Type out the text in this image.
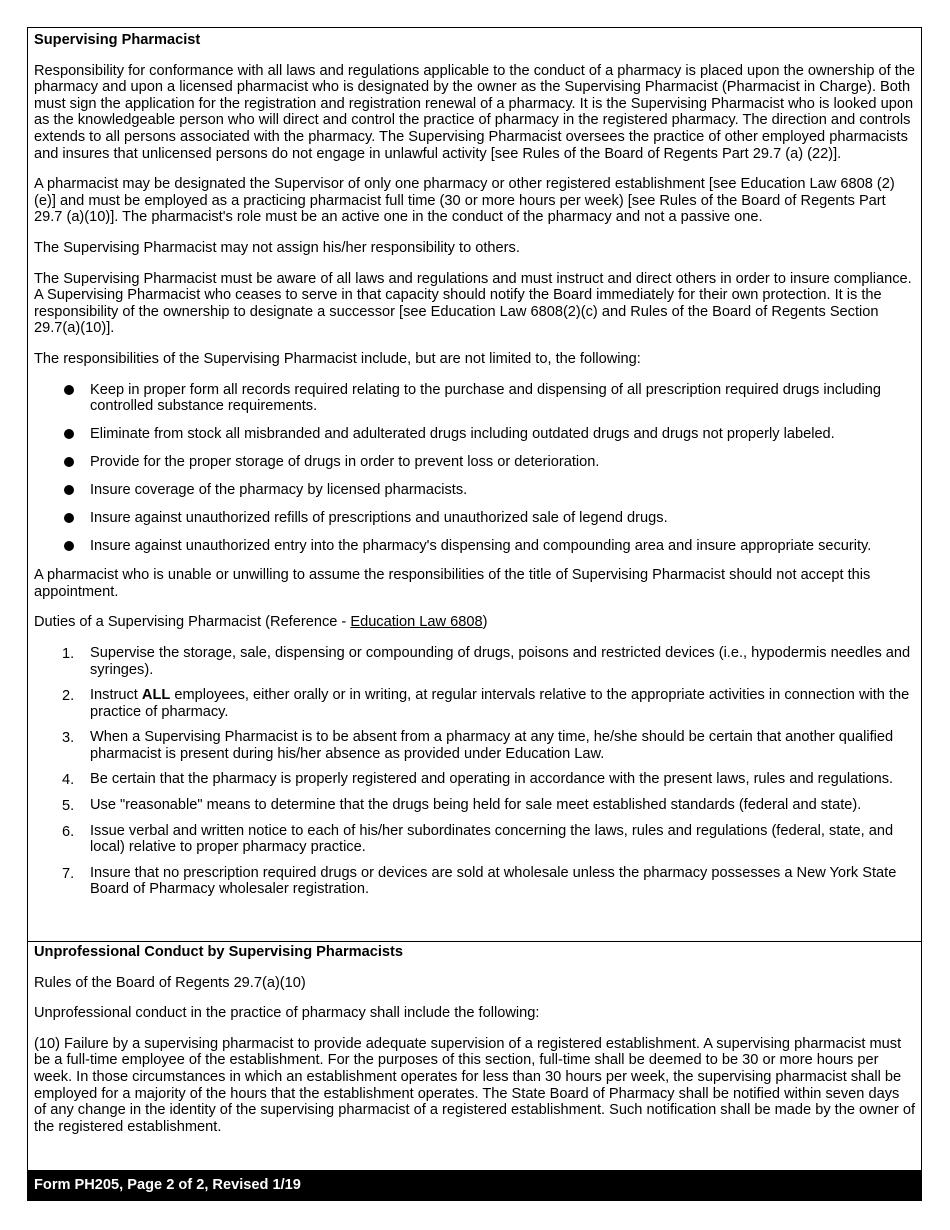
Supervising Pharmacist

Responsibility for conformance with all laws and regulations applicable to the conduct of a pharmacy is placed upon the ownership of the pharmacy and upon a licensed pharmacist who is designated by the owner as the Supervising Pharmacist (Pharmacist in Charge). Both must sign the application for the registration and registration renewal of a pharmacy. It is the Supervising Pharmacist who is looked upon as the knowledgeable person who will direct and control the practice of pharmacy in the registered pharmacy. The direction and controls extends to all persons associated with the pharmacy. The Supervising Pharmacist oversees the practice of other employed pharmacists and insures that unlicensed persons do not engage in unlawful activity [see Rules of the Board of Regents Part 29.7 (a) (22)].

A pharmacist may be designated the Supervisor of only one pharmacy or other registered establishment [see Education Law 6808 (2)(e)] and must be employed as a practicing pharmacist full time (30 or more hours per week) [see Rules of the Board of Regents Part 29.7 (a)(10)]. The pharmacist's role must be an active one in the conduct of the pharmacy and not a passive one.

The Supervising Pharmacist may not assign his/her responsibility to others.

The Supervising Pharmacist must be aware of all laws and regulations and must instruct and direct others in order to insure compliance. A Supervising Pharmacist who ceases to serve in that capacity should notify the Board immediately for their own protection. It is the responsibility of the ownership to designate a successor [see Education Law 6808(2)(c) and Rules of the Board of Regents Section 29.7(a)(10)].

The responsibilities of the Supervising Pharmacist include, but are not limited to, the following:

Keep in proper form all records required relating to the purchase and dispensing of all prescription required drugs including controlled substance requirements.
Eliminate from stock all misbranded and adulterated drugs including outdated drugs and drugs not properly labeled.
Provide for the proper storage of drugs in order to prevent loss or deterioration.
Insure coverage of the pharmacy by licensed pharmacists.
Insure against unauthorized refills of prescriptions and unauthorized sale of legend drugs.
Insure against unauthorized entry into the pharmacy's dispensing and compounding area and insure appropriate security.

A pharmacist who is unable or unwilling to assume the responsibilities of the title of Supervising Pharmacist should not accept this appointment.

Duties of a Supervising Pharmacist (Reference - Education Law 6808)

1. Supervise the storage, sale, dispensing or compounding of drugs, poisons and restricted devices (i.e., hypodermis needles and syringes).
2. Instruct ALL employees, either orally or in writing, at regular intervals relative to the appropriate activities in connection with the practice of pharmacy.
3. When a Supervising Pharmacist is to be absent from a pharmacy at any time, he/she should be certain that another qualified pharmacist is present during his/her absence as provided under Education Law.
4. Be certain that the pharmacy is properly registered and operating in accordance with the present laws, rules and regulations.
5. Use "reasonable" means to determine that the drugs being held for sale meet established standards (federal and state).
6. Issue verbal and written notice to each of his/her subordinates concerning the laws, rules and regulations (federal, state, and local) relative to proper pharmacy practice.
7. Insure that no prescription required drugs or devices are sold at wholesale unless the pharmacy possesses a New York State Board of Pharmacy wholesaler registration.
Unprofessional Conduct by Supervising Pharmacists

Rules of the Board of Regents 29.7(a)(10)

Unprofessional conduct in the practice of pharmacy shall include the following:

(10) Failure by a supervising pharmacist to provide adequate supervision of a registered establishment. A supervising pharmacist must be a full-time employee of the establishment. For the purposes of this section, full-time shall be deemed to be 30 or more hours per week. In those circumstances in which an establishment operates for less than 30 hours per week, the supervising pharmacist shall be employed for a majority of the hours that the establishment operates. The State Board of Pharmacy shall be notified within seven days of any change in the identity of the supervising pharmacist of a registered establishment. Such notification shall be made by the owner of the registered establishment.

Form PH205, Page 2 of 2, Revised 1/19
